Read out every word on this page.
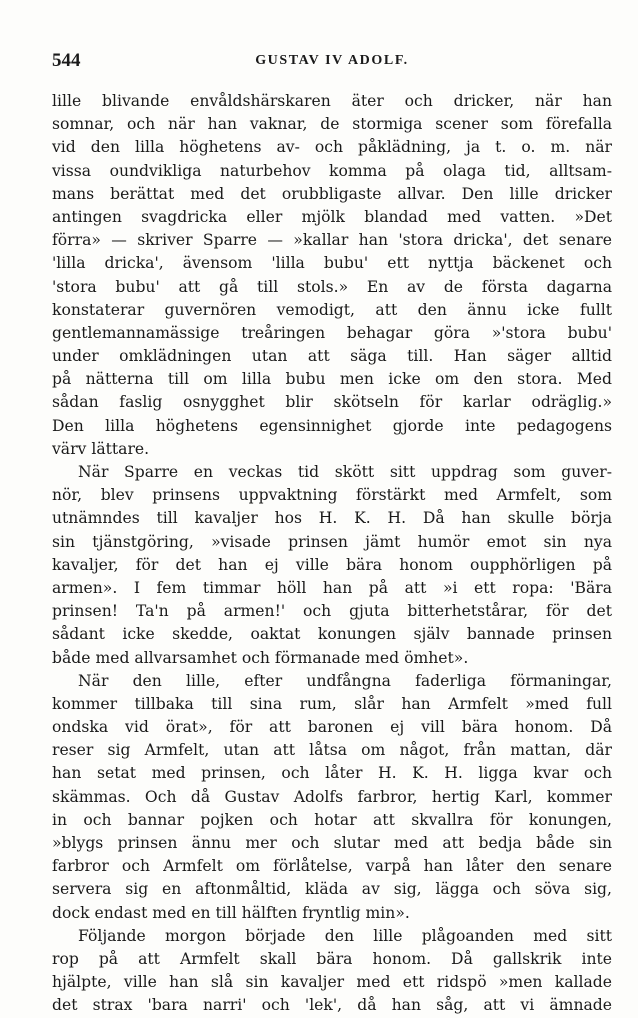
544	GUSTAV IV ADOLF.
lille blivande envåldshärskaren äter och dricker, när han
somnar, och när han vaknar, de stormiga scener som förefalla
vid den lilla höghetens av- och påklädning, ja t. o. m. när
vissa oundvikliga naturbehov komma på olaga tid, alltsam-
mans berättat med det orubbligaste allvar. Den lille dricker
antingen svagdricka eller mjölk blandad med vatten. »Det
förra» — skriver Sparre — »kallar han 'stora dricka', det senare
'lilla dricka', ävensom 'lilla bubu' ett nyttja bäckenet och
'stora bubu' att gå till stols.» En av de första dagarna
konstaterar guvernören vemodigt, att den ännu icke fullt
gentlemannamässige treåringen behagar göra »'stora bubu'
under omklädningen utan att säga till. Han säger alltid
på nätterna till om lilla bubu men icke om den stora. Med
sådan faslig osnygghet blir skötseln för karlar odräglig.»
Den lilla höghetens egensinnighet gjorde inte pedagogens
värv lättare.
När Sparre en veckas tid skött sitt uppdrag som guver-
nör, blev prinsens uppvaktning förstärkt med Armfelt, som
utnämndes till kavaljer hos H. K. H. Då han skulle börja
sin tjänstgöring, »visade prinsen jämt humör emot sin nya
kavaljer, för det han ej ville bära honom oupphörligen på
armen». I fem timmar höll han på att »i ett ropa: 'Bära
prinsen! Ta'n på armen!' och gjuta bitterhetstårar, för det
sådant icke skedde, oaktat konungen själv bannade prinsen
både med allvarsamhet och förmanade med ömhet».
När den lille, efter undfångna faderliga förmaningar,
kommer tillbaka till sina rum, slår han Armfelt »med full
ondska vid örat», för att baronen ej vill bära honom. Då
reser sig Armfelt, utan att låtsa om något, från mattan, där
han setat med prinsen, och låter H. K. H. ligga kvar och
skämmas. Och då Gustav Adolfs farbror, hertig Karl, kommer
in och bannar pojken och hotar att skvallra för konungen,
»blygs prinsen ännu mer och slutar med att bedja både sin
farbror och Armfelt om förlåtelse, varpå han låter den senare
servera sig en aftonmåltid, kläda av sig, lägga och söva sig,
dock endast med en till hälften fryntlig min».
Följande morgon började den lille plågoanden med sitt
rop på att Armfelt skall bära honom. Då gallskrik inte
hjälpte, ville han slå sin kavaljer med ett ridspö »men kallade
det strax 'bara narri' och 'lek', då han såg, att vi ämnade
